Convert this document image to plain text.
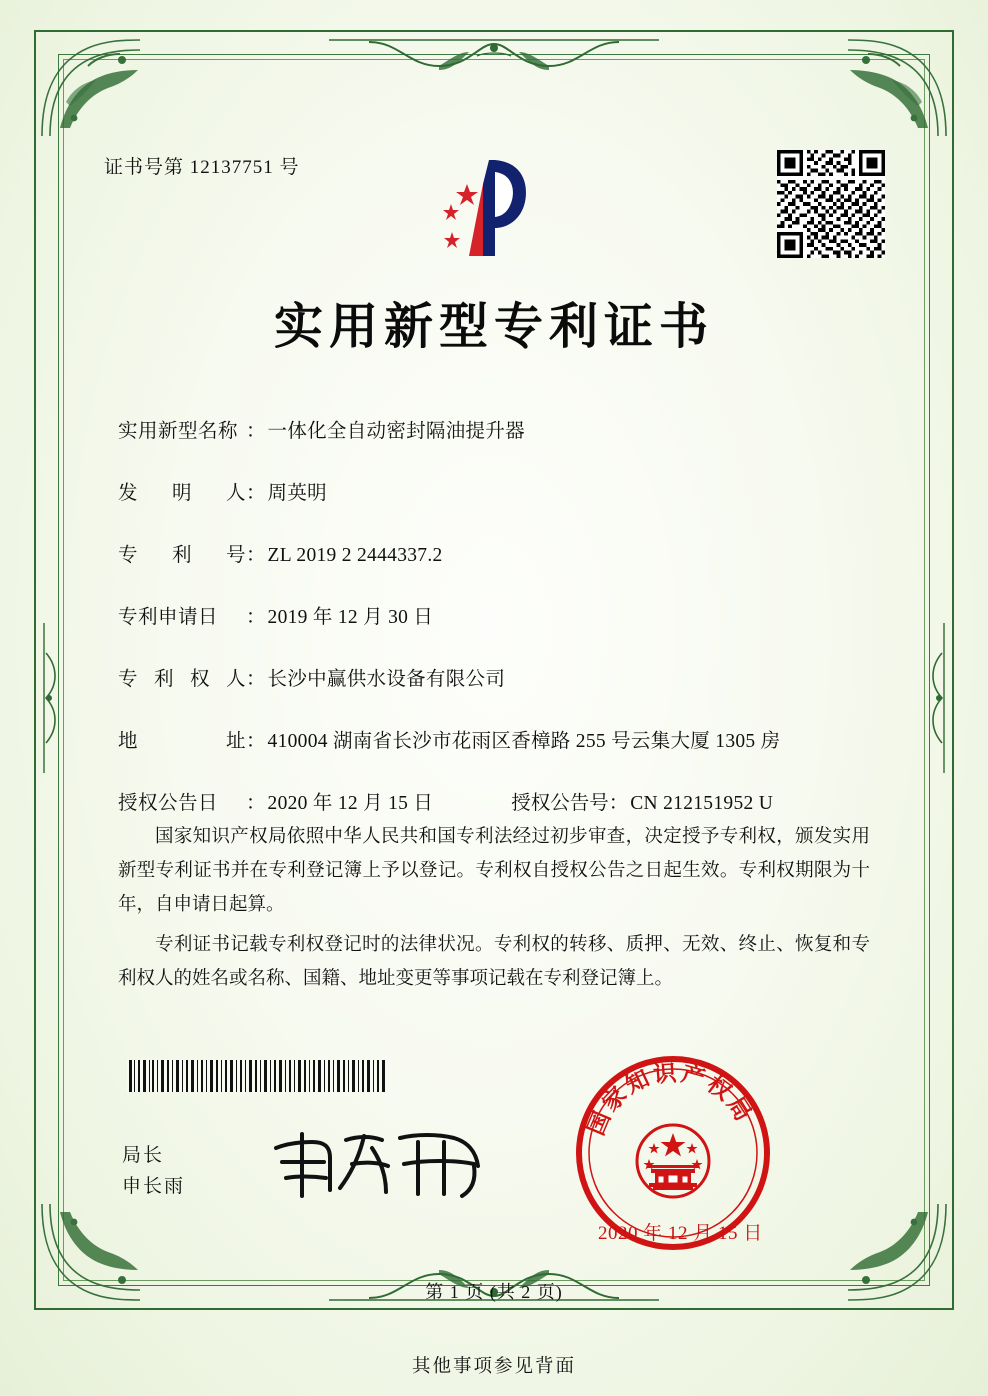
证书号第 12137751 号
实用新型专利证书
实用新型名称 ： 一体化全自动密封隔油提升器
发明人 ： 周英明
专利号 ： ZL 2019 2 2444337.2
专利申请日	： 2019 年 12 月 30 日
专利权人 ： 长沙中赢供水设备有限公司
地址 ： 410004 湖南省长沙市花雨区香樟路 255 号云集大厦 1305 房
授权公告日	： 2020 年 12 月 15 日	授权公告号 ： CN 212151952 U

国家知识产权局依照中华人民共和国专利法经过初步审查，决定授予专利权，颁发实用新型专利证书并在专利登记簿上予以登记。专利权自授权公告之日起生效。专利权期限为十年，自申请日起算。

专利证书记载专利权登记时的法律状况。专利权的转移、质押、无效、终止、恢复和专利权人的姓名或名称、国籍、地址变更等事项记载在专利登记簿上。

局长
申长雨
国家知识产权局
2020 年 12 月 15 日
第 1 页 (共 2 页)
其他事项参见背面
